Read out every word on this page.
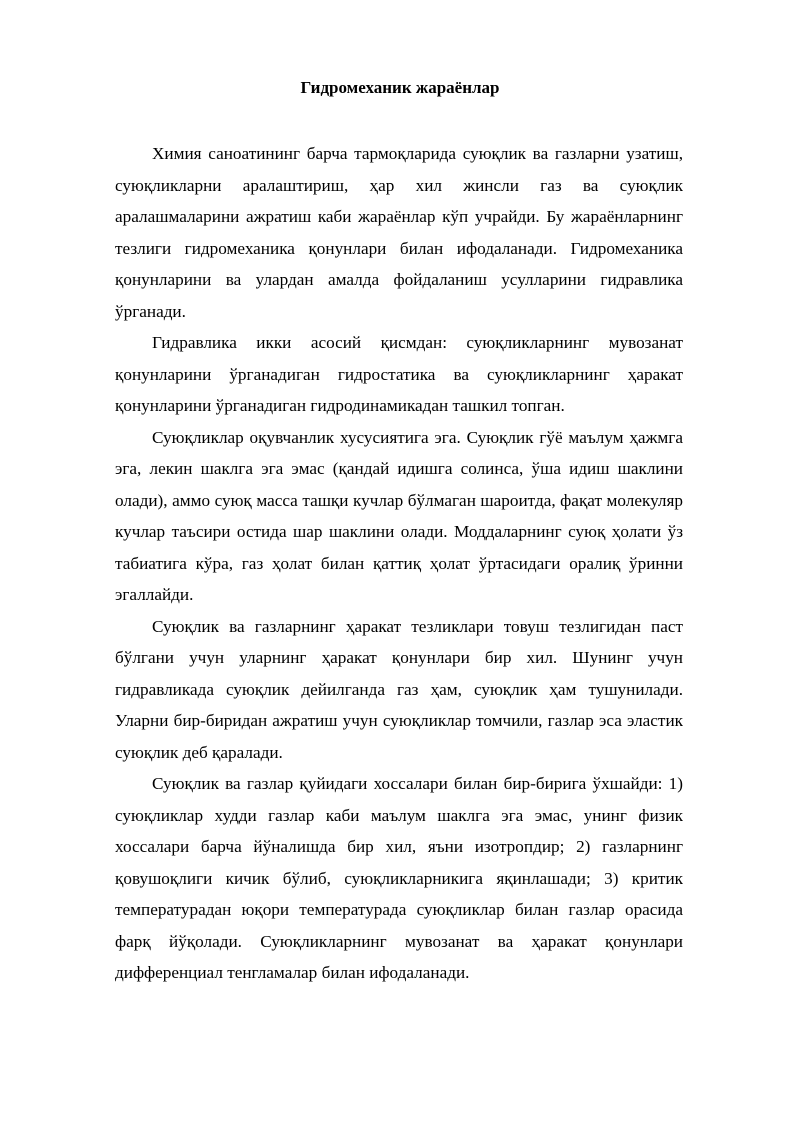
Гидромеханик жараёнлар

Химия саноатининг барча тармоқларида суюқлик ва газларни узатиш, суюқликларни аралаштириш, ҳар хил жинсли газ ва суюқлик аралашмаларини ажратиш каби жараёнлар кўп учрайди. Бу жараёнларнинг тезлиги гидромеханика қонунлари билан ифодаланади. Гидромеханика қонунларини ва улардан амалда фойдаланиш усулларини гидравлика ўрганади.

Гидравлика икки асосий қисмдан: суюқликларнинг мувозанат қонунларини ўрганадиган гидростатика ва суюқликларнинг ҳаракат қонунларини ўрганадиган гидродинамикадан ташкил топган.

Суюқликлар оқувчанлик хусусиятига эга. Суюқлик гўё маълум ҳажмга эга, лекин шаклга эга эмас (қандай идишга солинса, ўша идиш шаклини олади), аммо суюқ масса ташқи кучлар бўлмаган шароитда, фақат молекуляр кучлар таъсири остида шар шаклини олади. Моддаларнинг суюқ ҳолати ўз табиатига кўра, газ ҳолат билан қаттиқ ҳолат ўртасидаги оралиқ ўринни эгаллайди.

Суюқлик ва газларнинг ҳаракат тезликлари товуш тезлигидан паст бўлгани учун уларнинг ҳаракат қонунлари бир хил. Шунинг учун гидравликада суюқлик дейилганда газ ҳам, суюқлик ҳам тушунилади. Уларни бир-биридан ажратиш учун суюқликлар томчили, газлар эса эластик суюқлик деб қаралади.

Суюқлик ва газлар қуйидаги хоссалари билан бир-бирига ўхшайди: 1) суюқликлар худди газлар каби маълум шаклга эга эмас, унинг физик хоссалари барча йўналишда бир хил, яъни изотропдир; 2) газларнинг қовушоқлиги кичик бўлиб, суюқликларникига яқинлашади; 3) критик температурадан юқори температурада суюқликлар билан газлар орасида фарқ йўқолади. Суюқликларнинг мувозанат ва ҳаракат қонунлари дифференциал тенгламалар билан ифодаланади.
